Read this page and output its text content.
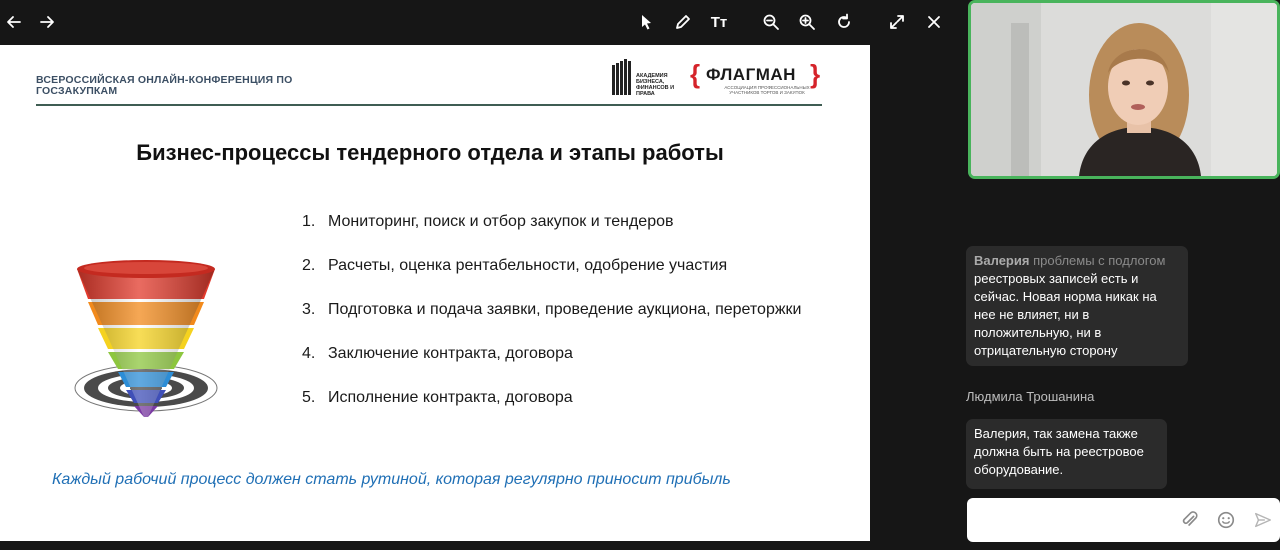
Tт
ВСЕРОССИЙСКАЯ ОНЛАЙН-КОНФЕРЕНЦИЯ ПО ГОСЗАКУПКАМ
АКАДЕМИЯ БИЗНЕСА, ФИНАНСОВ И ПРАВА
{ ФЛАГМАН }
АССОЦИАЦИЯ ПРОФЕССИОНАЛЬНЫХ УЧАСТНИКОВ ТОРГОВ И ЗАКУПОК
Бизнес-процессы тендерного отдела и этапы работы
1. Мониторинг, поиск и отбор закупок и тендеров
2. Расчеты, оценка рентабельности, одобрение участия
3. Подготовка и подача заявки, проведение аукциона, переторжки
4. Заключение контракта, договора
5. Исполнение контракта, договора
Каждый рабочий процесс должен стать рутиной, которая регулярно приносит прибыль
Валерия проблемы с подлогом реестровых записей есть и сейчас. Новая норма никак на нее не влияет, ни в положительную, ни в отрицательную сторону
Людмила Трошанина
Валерия, так замена также должна быть на реестровое оборудование.
